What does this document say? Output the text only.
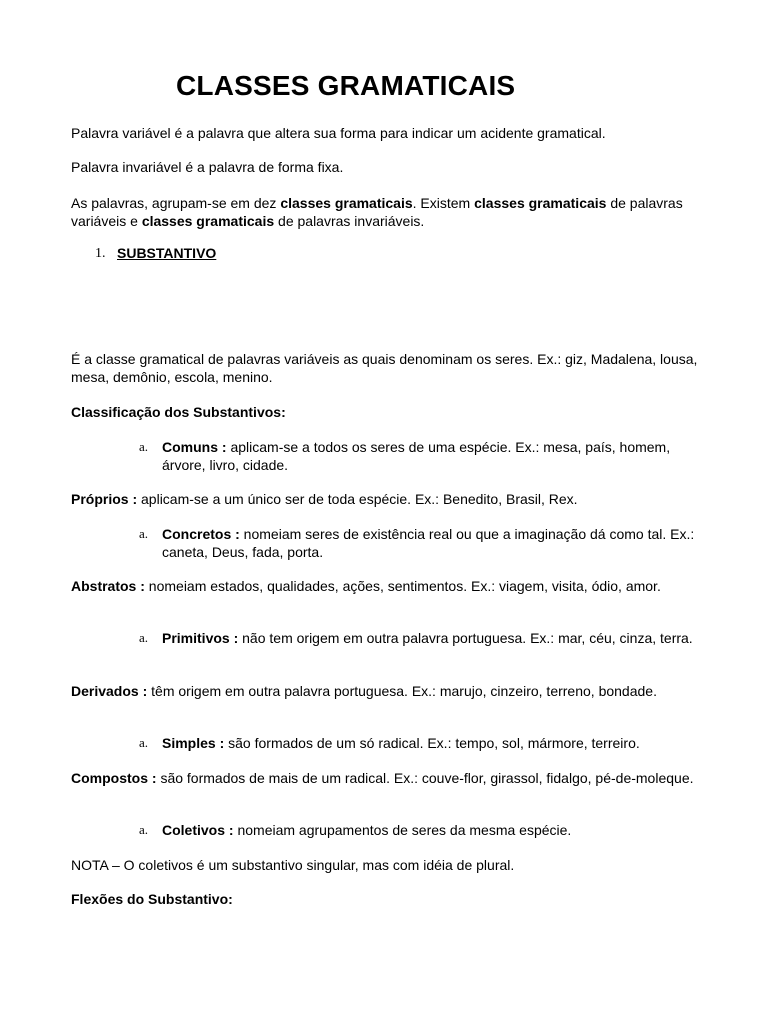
CLASSES GRAMATICAIS

Palavra variável é a palavra que altera sua forma para indicar um acidente gramatical.

Palavra invariável é a palavra de forma fixa.

As palavras, agrupam-se em dez classes gramaticais. Existem classes gramaticais de palavras variáveis e classes gramaticais de palavras invariáveis.

1. SUBSTANTIVO

É a classe gramatical de palavras variáveis as quais denominam os seres. Ex.: giz, Madalena, lousa, mesa, demônio, escola, menino.

Classificação dos Substantivos:

a. Comuns : aplicam-se a todos os seres de uma espécie. Ex.: mesa, país, homem, árvore, livro, cidade.

Próprios : aplicam-se a um único ser de toda espécie. Ex.: Benedito, Brasil, Rex.

a. Concretos : nomeiam seres de existência real ou que a imaginação dá como tal. Ex.: caneta, Deus, fada, porta.

Abstratos : nomeiam estados, qualidades, ações, sentimentos. Ex.: viagem, visita, ódio, amor.

a. Primitivos : não tem origem em outra palavra portuguesa. Ex.: mar, céu, cinza, terra.

Derivados : têm origem em outra palavra portuguesa. Ex.: marujo, cinzeiro, terreno, bondade.

a. Simples : são formados de um só radical. Ex.: tempo, sol, mármore, terreiro.

Compostos : são formados de mais de um radical. Ex.: couve-flor, girassol, fidalgo, pé-de-moleque.

a. Coletivos : nomeiam agrupamentos de seres da mesma espécie.

NOTA – O coletivos é um substantivo singular, mas com idéia de plural.

Flexões do Substantivo:
